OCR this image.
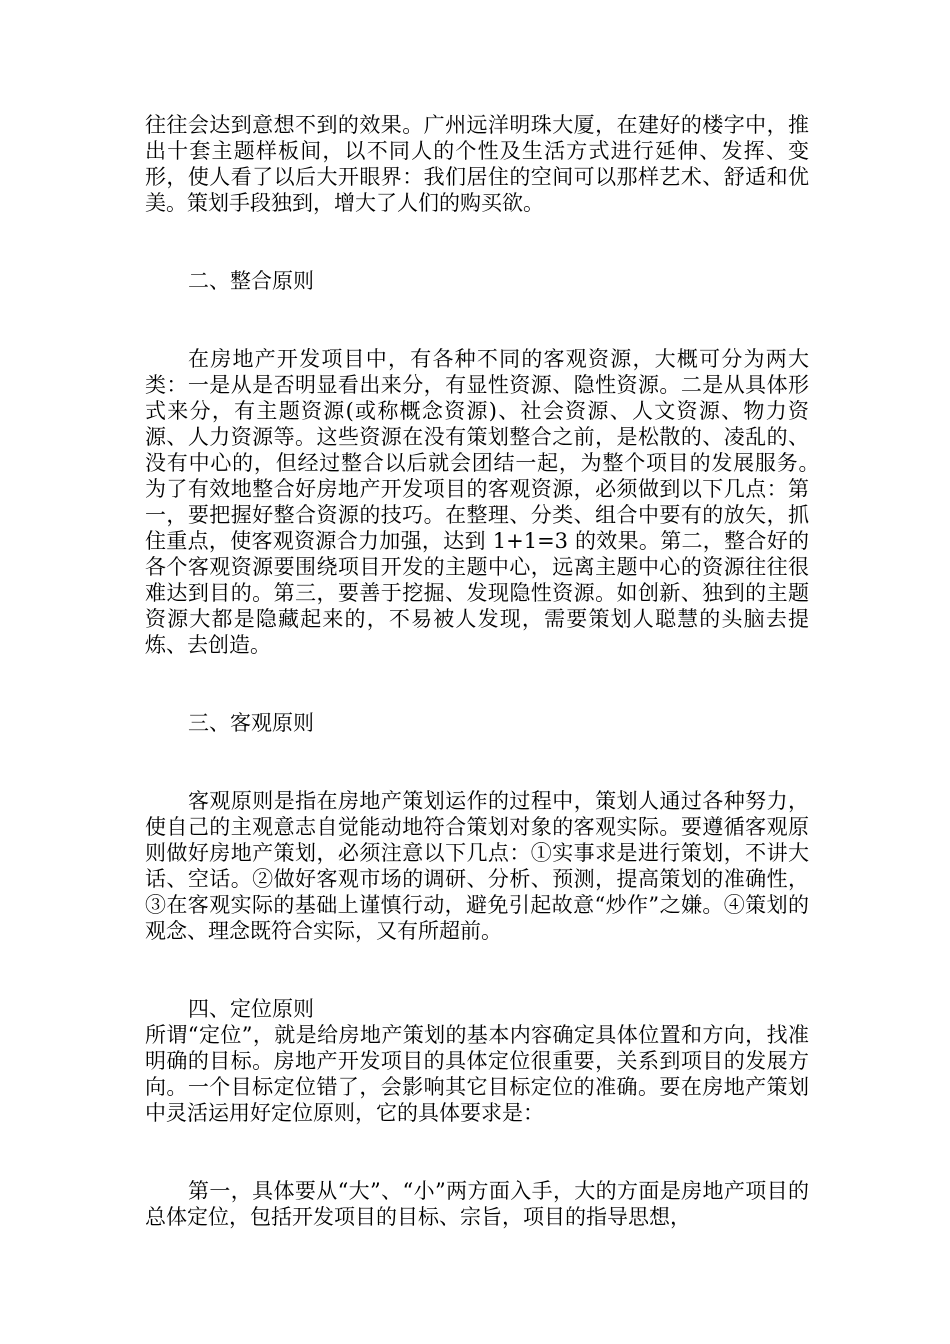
往往会达到意想不到的效果。广州远洋明珠大厦，在建好的楼字中，推出十套主题样板间，以不同人的个性及生活方式进行延伸、发挥、变形，使人看了以后大开眼界：我们居住的空间可以那样艺术、舒适和优美。策划手段独到，增大了人们的购买欲。

二、整合原则

在房地产开发项目中，有各种不同的客观资源，大概可分为两大类：一是从是否明显看出来分，有显性资源、隐性资源。二是从具体形式来分，有主题资源(或称概念资源)、社会资源、人文资源、物力资源、人力资源等。这些资源在没有策划整合之前，是松散的、凌乱的、没有中心的，但经过整合以后就会团结一起，为整个项目的发展服务。　为了有效地整合好房地产开发项目的客观资源，必须做到以下几点：第一，要把握好整合资源的技巧。在整理、分类、组合中要有的放矢，抓住重点，使客观资源合力加强，达到 1+1=3 的效果。第二，整合好的各个客观资源要围绕项目开发的主题中心，远离主题中心的资源往往很难达到目的。第三，要善于挖掘、发现隐性资源。如创新、独到的主题资源大都是隐藏起来的，不易被人发现，需要策划人聪慧的头脑去提炼、去创造。

三、客观原则

客观原则是指在房地产策划运作的过程中，策划人通过各种努力，使自己的主观意志自觉能动地符合策划对象的客观实际。要遵循客观原则做好房地产策划，必须注意以下几点：①实事求是进行策划，不讲大话、空话。②做好客观市场的调研、分析、预测，提高策划的准确性，③在客观实际的基础上谨慎行动，避免引起故意“炒作”之嫌。④策划的观念、理念既符合实际，又有所超前。

四、定位原则

所谓“定位”，就是给房地产策划的基本内容确定具体位置和方向，找准明确的目标。房地产开发项目的具体定位很重要，关系到项目的发展方向。一个目标定位错了，会影响其它目标定位的准确。要在房地产策划中灵活运用好定位原则，它的具体要求是：

第一，具体要从“大”、“小”两方面入手，大的方面是房地产项目的总体定位，包括开发项目的目标、宗旨，项目的指导思想，
